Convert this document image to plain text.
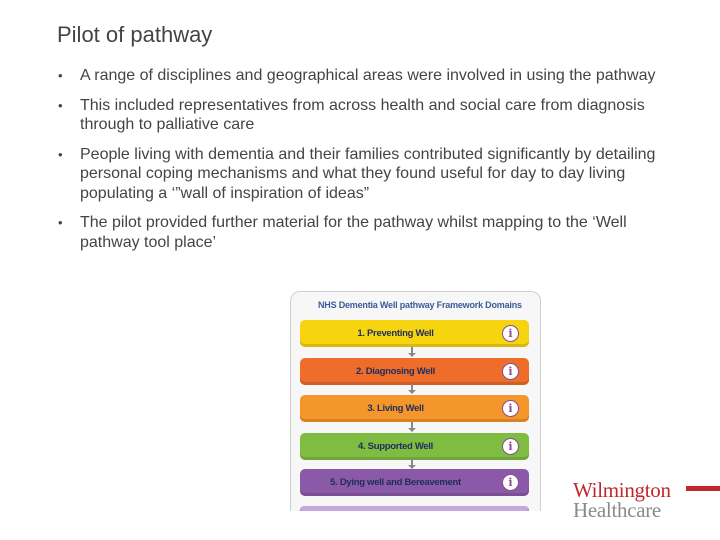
Pilot of pathway
• A range of disciplines and geographical areas were involved in using the pathway
• This included representatives from across health and social care from diagnosis through to palliative care
• People living with dementia and their families contributed significantly by detailing personal coping mechanisms and what they found useful for day to day living populating a ‘”wall of inspiration of ideas”
• The pilot provided further material for the pathway whilst mapping to the ‘Well pathway tool place’
NHS Dementia Well pathway Framework Domains
1. Preventing Well	i
2. Diagnosing Well	i
3. Living Well	i
4. Supported Well	i
5. Dying well and Bereavement	i	Wilmington
Healthcare
